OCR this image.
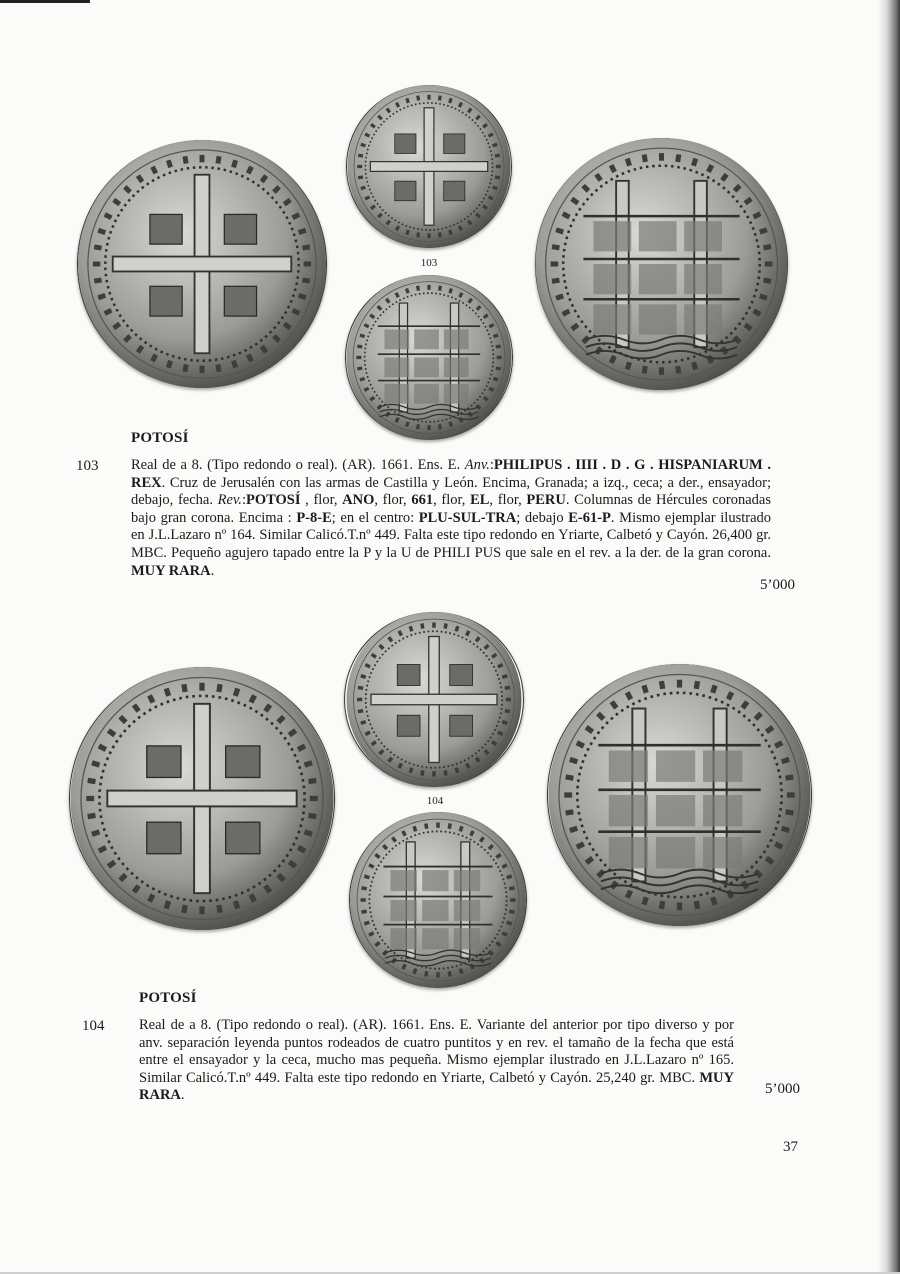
103
POTOSÍ
103 Real de a 8. (Tipo redondo o real). (AR). 1661. Ens. E. Anv.:PHILIPUS . IIII . D . G . HISPANIARUM . REX. Cruz de Jerusalén con las armas de Castilla y León. Encima, Granada; a izq., ceca; a der., ensayador; debajo, fecha. Rev.:POTOSÍ , flor, ANO, flor, 661, flor, EL, flor, PERU. Columnas de Hércules coronadas bajo gran corona. Encima : P-8-E; en el centro: PLU-SUL-TRA; debajo E-61-P. Mismo ejemplar ilustrado en J.L.Lazaro nº 164. Similar Calicó.T.nº 449. Falta este tipo redondo en Yriarte, Calbetó y Cayón. 26,400 gr. MBC. Pequeño agujero tapado entre la P y la U de PHILI PUS que sale en el rev. a la der. de la gran corona. MUY RARA.
5’000
104
POTOSÍ
104 Real de a 8. (Tipo redondo o real). (AR). 1661. Ens. E. Variante del anterior por tipo diverso y por anv. separación leyenda puntos rodeados de cuatro puntitos y en rev. el tamaño de la fecha que está entre el ensayador y la ceca, mucho mas pequeña. Mismo ejemplar ilustrado en J.L.Lazaro nº 165. Similar Calicó.T.nº 449. Falta este tipo redondo en Yriarte, Calbetó y Cayón. 25,240 gr. MBC. MUY RARA.	5’000
37
